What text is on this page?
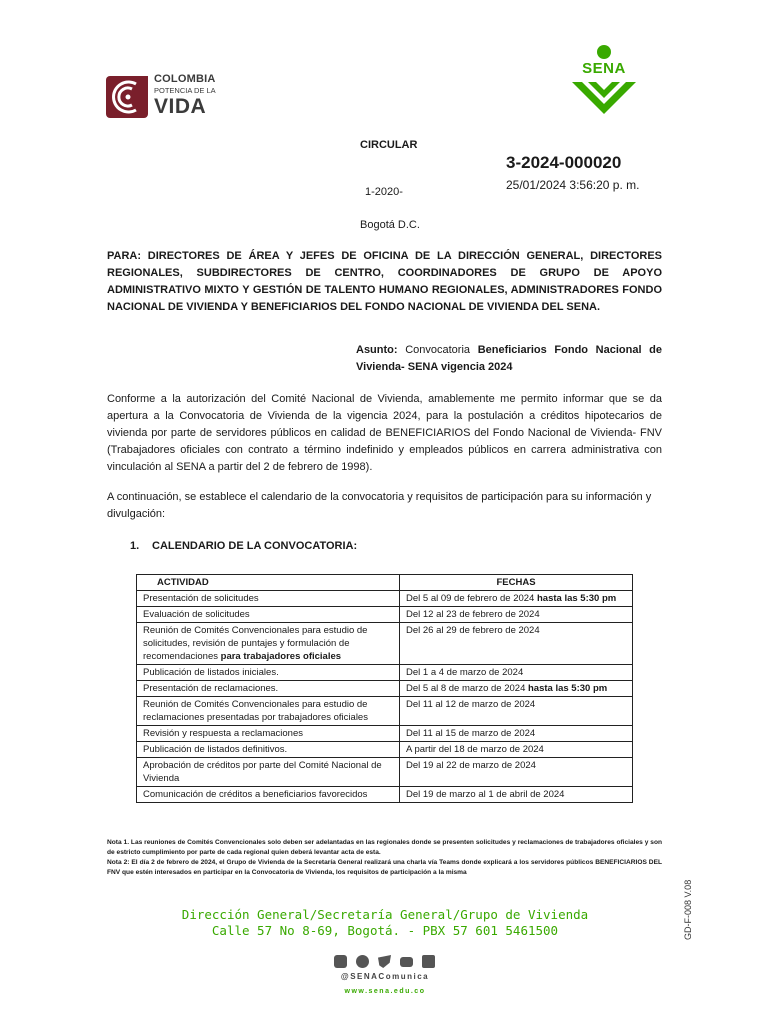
COLOMBIA
POTENCIA DE LA
VIDA
SENA
CIRCULAR
3-2024-000020
25/01/2024 3:56:20 p. m.
1-2020-
Bogotá D.C.
PARA: DIRECTORES DE ÁREA Y JEFES DE OFICINA DE LA DIRECCIÓN GENERAL, DIRECTORES REGIONALES, SUBDIRECTORES DE CENTRO, COORDINADORES DE GRUPO DE APOYO ADMINISTRATIVO MIXTO Y GESTIÓN DE TALENTO HUMANO REGIONALES, ADMINISTRADORES FONDO NACIONAL DE VIVIENDA Y BENEFICIARIOS DEL FONDO NACIONAL DE VIVIENDA DEL SENA.
Asunto: Convocatoria Beneficiarios Fondo Nacional de Vivienda- SENA vigencia 2024
Conforme a la autorización del Comité Nacional de Vivienda, amablemente me permito informar que se da apertura a la Convocatoria de Vivienda de la vigencia 2024, para la postulación a créditos hipotecarios de vivienda por parte de servidores públicos en calidad de BENEFICIARIOS del Fondo Nacional de Vivienda- FNV (Trabajadores oficiales con contrato a término indefinido y empleados públicos en carrera administrativa con vinculación al SENA a partir del 2 de febrero de 1998).
A continuación, se establece el calendario de la convocatoria y requisitos de participación para su información y divulgación:
1. CALENDARIO DE LA CONVOCATORIA:
ACTIVIDAD	FECHAS
Presentación de solicitudes	Del 5 al 09 de febrero de 2024 hasta las 5:30 pm
Evaluación de solicitudes	Del 12 al 23 de febrero de 2024
Reunión de Comités Convencionales para estudio de solicitudes, revisión de puntajes y formulación de recomendaciones para trabajadores oficiales	Del 26 al 29 de febrero de 2024
Publicación de listados iniciales.	Del 1 a 4 de marzo de 2024
Presentación de reclamaciones.	Del 5 al 8 de marzo de 2024 hasta las 5:30 pm
Reunión de Comités Convencionales para estudio de reclamaciones presentadas por trabajadores oficiales	Del 11 al 12 de marzo de 2024
Revisión y respuesta a reclamaciones	Del 11 al 15 de marzo de 2024
Publicación de listados definitivos.	A partir del 18 de marzo de 2024
Aprobación de créditos por parte del Comité Nacional de Vivienda	Del 19 al 22 de marzo de 2024
Comunicación de créditos a beneficiarios favorecidos	Del 19 de marzo al 1 de abril de 2024
Nota 1. Las reuniones de Comités Convencionales solo deben ser adelantadas en las regionales donde se presenten solicitudes y reclamaciones de trabajadores oficiales y son de estricto cumplimiento por parte de cada regional quien deberá levantar acta de esta.
Nota 2: El día 2 de febrero de 2024, el Grupo de Vivienda de la Secretaría General realizará una charla vía Teams donde explicará a los servidores públicos BENEFICIARIOS DEL FNV que estén interesados en participar en la Convocatoria de Vivienda, los requisitos de participación a la misma
Dirección General/Secretaría General/Grupo de Vivienda
Calle 57 No 8-69, Bogotá. - PBX 57 601 5461500
@SENAComunica
www.sena.edu.co
GD-F-008 V.08
